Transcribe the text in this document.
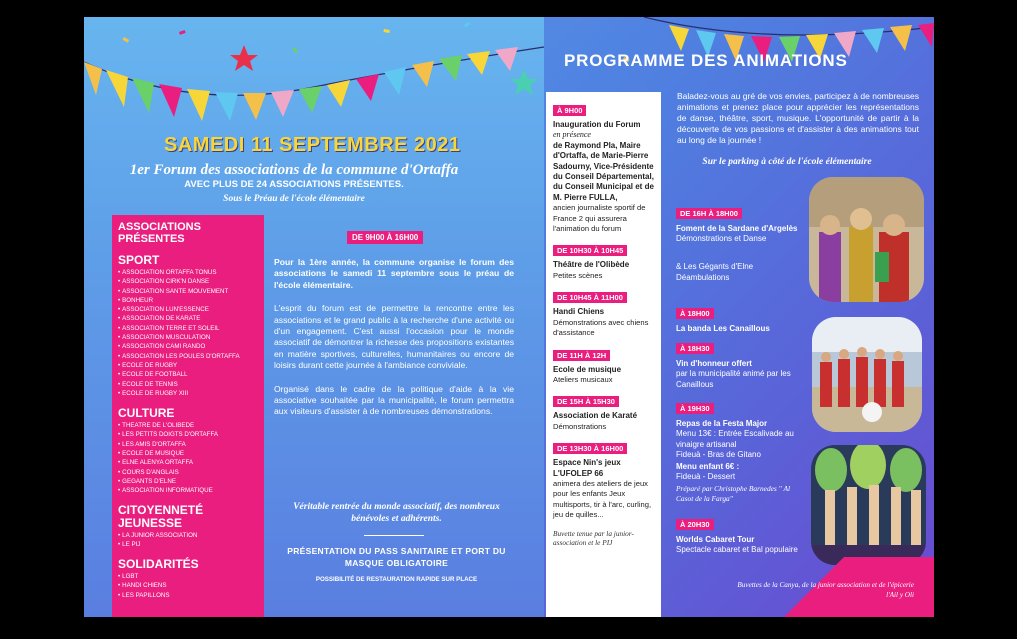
SAMEDI 11 SEPTEMBRE 2021
1er Forum des associations de la commune d'Ortaffa
AVEC PLUS DE 24 ASSOCIATIONS PRÉSENTES.
Sous le Préau de l'école élémentaire
ASSOCIATIONS PRÉSENTES
SPORT
• ASSOCIATION ORTAFFA TONUS
• ASSOCIATION CIRK'N DANSE
• ASSOCIATION SANTE MOUVEMENT
• BONHEUR
• ASSOCIATION LUN'ESSENCE
• ASSOCIATION DE KARATE
• ASSOCIATION TERRE ET SOLEIL
• ASSOCIATION MUSCULATION
• ASSOCIATION CAMI RANDO
• ASSOCIATION LES POULES D'ORTAFFA
• ECOLE DE RUGBY
• ECOLE DE FOOTBALL
• ECOLE DE TENNIS
• ECOLE DE RUGBY XIII
CULTURE
• THEATRE DE L'OLIBEDE
• LES PETITS DOIGTS D'ORTAFFA
• LES AMIS D'ORTAFFA
• ECOLE DE MUSIQUE
• ELNE ALENYA ORTAFFA
• COURS D'ANGLAIS
• GEGANTS D'ELNE
• ASSOCIATION INFORMATIQUE
CITOYENNETÉ JEUNESSE
• LA JUNIOR ASSOCIATION
• LE PIJ
SOLIDARITÉS
• LGBT
• HANDI CHIENS
• LES PAPILLONS
DE 9H00 À 16H00

Pour la 1ère année, la commune organise le forum des associations le samedi 11 septembre sous le préau de l'école élémentaire.

L'esprit du forum est de permettre la rencontre entre les associations et le grand public à la recherche d'une activité ou d'un engagement. C'est aussi l'occasion pour le monde associatif de démontrer la richesse des propositions existantes en matière sportives, culturelles, humanitaires ou encore de loisirs durant cette journée à l'ambiance conviviale.

Organisé dans le cadre de la politique d'aide à la vie associative souhaitée par la municipalité, le forum permettra aux visiteurs d'assister à de nombreuses démonstrations.

Véritable rentrée du monde associatif, des nombreux bénévoles et adhérents.
PRÉSENTATION DU PASS SANITAIRE ET PORT DU MASQUE OBLIGATOIRE
POSSIBILITÉ DE RESTAURATION RAPIDE SUR PLACE
PROGRAMME DES ANIMATIONS
À 9H00
Inauguration du Forum
en présence
de Raymond Pla, Maire d'Ortaffa, de Marie-Pierre Sadourny, Vice-Présidente du Conseil Départemental, du Conseil Municipal et de M. Pierre FULLA,
ancien journaliste sportif de France 2 qui assurera l'animation du forum
DE 10H30 À 10H45
Théâtre de l'Olibède
Petites scènes
DE 10H45 À 11H00
Handi Chiens
Démonstrations avec chiens d'assistance
DE 11H À 12H
Ecole de musique
Ateliers musicaux
DE 15H À 15H30
Association de Karaté
Démonstrations
DE 13H30 À 16H00
Espace Nin's jeux L'UFOLEP 66
animera des ateliers de jeux pour les enfants Jeux multisports, tir à l'arc, curling, jeu de quilles...
Buvette tenue par la junior-association et le PIJ
Baladez-vous au gré de vos envies, participez à de nombreuses animations et prenez place pour apprécier les représentations de danse, théâtre, sport, musique. L'opportunité de partir à la découverte de vos passions et d'assister à des animations tout au long de la journée !
Sur le parking à côté de l'école élémentaire
DE 16H À 18H00
Foment de la Sardane d'Argelès
Démonstrations et Danse
& Les Gégants d'Elne Déambulations
À 18H00
La banda Les Canaillous
À 18H30
Vin d'honneur offert
par la municipalité animé par les Canaillous
À 19H30
Repas de la Festa Major
Menu 13€ : Entrée Escalivade au vinaigre artisanal
Fideuà - Bras de Gitano
Menu enfant 6€ :
Fideuà - Dessert
Préparé par Christophe Barnedes " Al Casot de la Farga"
À 20H30
Worlds Cabaret Tour
Spectacle cabaret et Bal populaire
Buvettes de la Canya, de la junior association et de l'épicerie l'Ail y Oli
